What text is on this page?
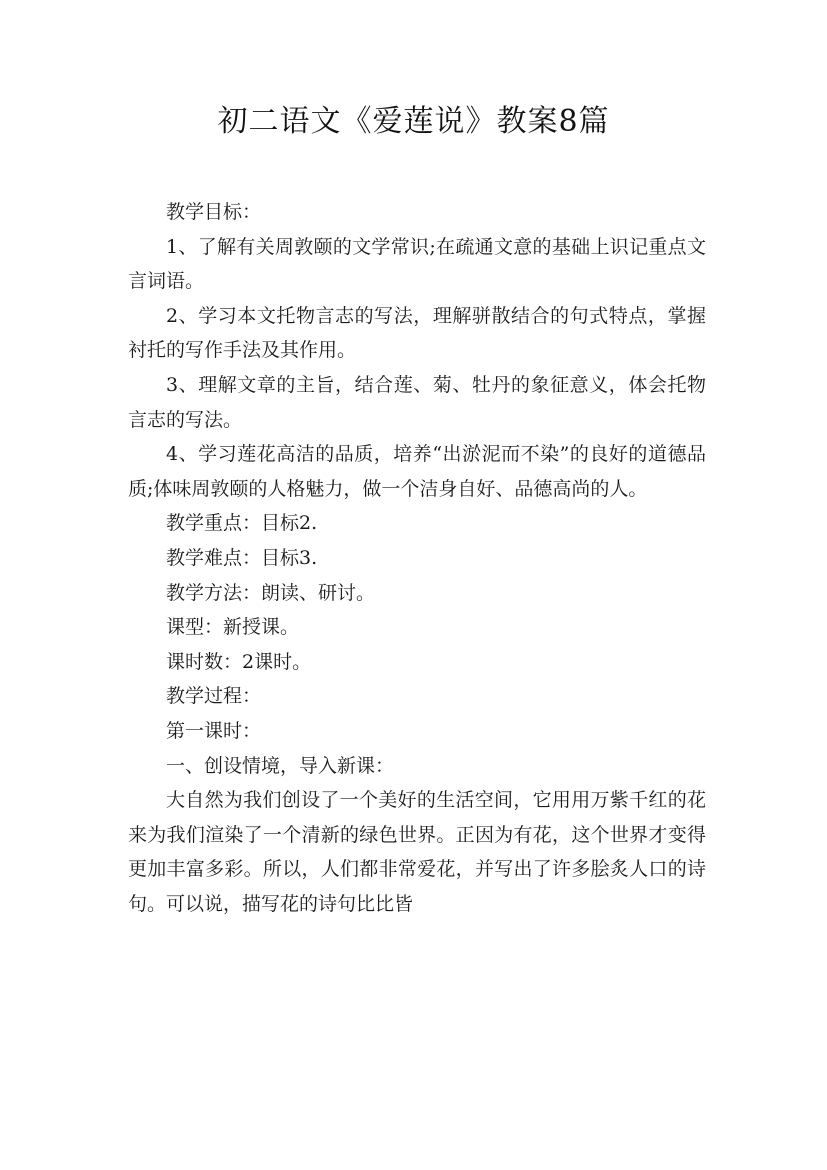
初二语文《爱莲说》教案8篇

教学目标：

1、了解有关周敦颐的文学常识;在疏通文意的基础上识记重点文言词语。

2、学习本文托物言志的写法，理解骈散结合的句式特点，掌握衬托的写作手法及其作用。

3、理解文章的主旨，结合莲、菊、牡丹的象征意义，体会托物言志的写法。

4、学习莲花高洁的品质，培养“出淤泥而不染”的良好的道德品质;体味周敦颐的人格魅力，做一个洁身自好、品德高尚的人。

教学重点：目标2.

教学难点：目标3.

教学方法：朗读、研讨。

课型：新授课。

课时数：2课时。

教学过程：

第一课时：

一、创设情境，导入新课：

大自然为我们创设了一个美好的生活空间，它用用万紫千红的花来为我们渲染了一个清新的绿色世界。正因为有花，这个世界才变得更加丰富多彩。所以，人们都非常爱花，并写出了许多脍炙人口的诗句。可以说，描写花的诗句比比皆
